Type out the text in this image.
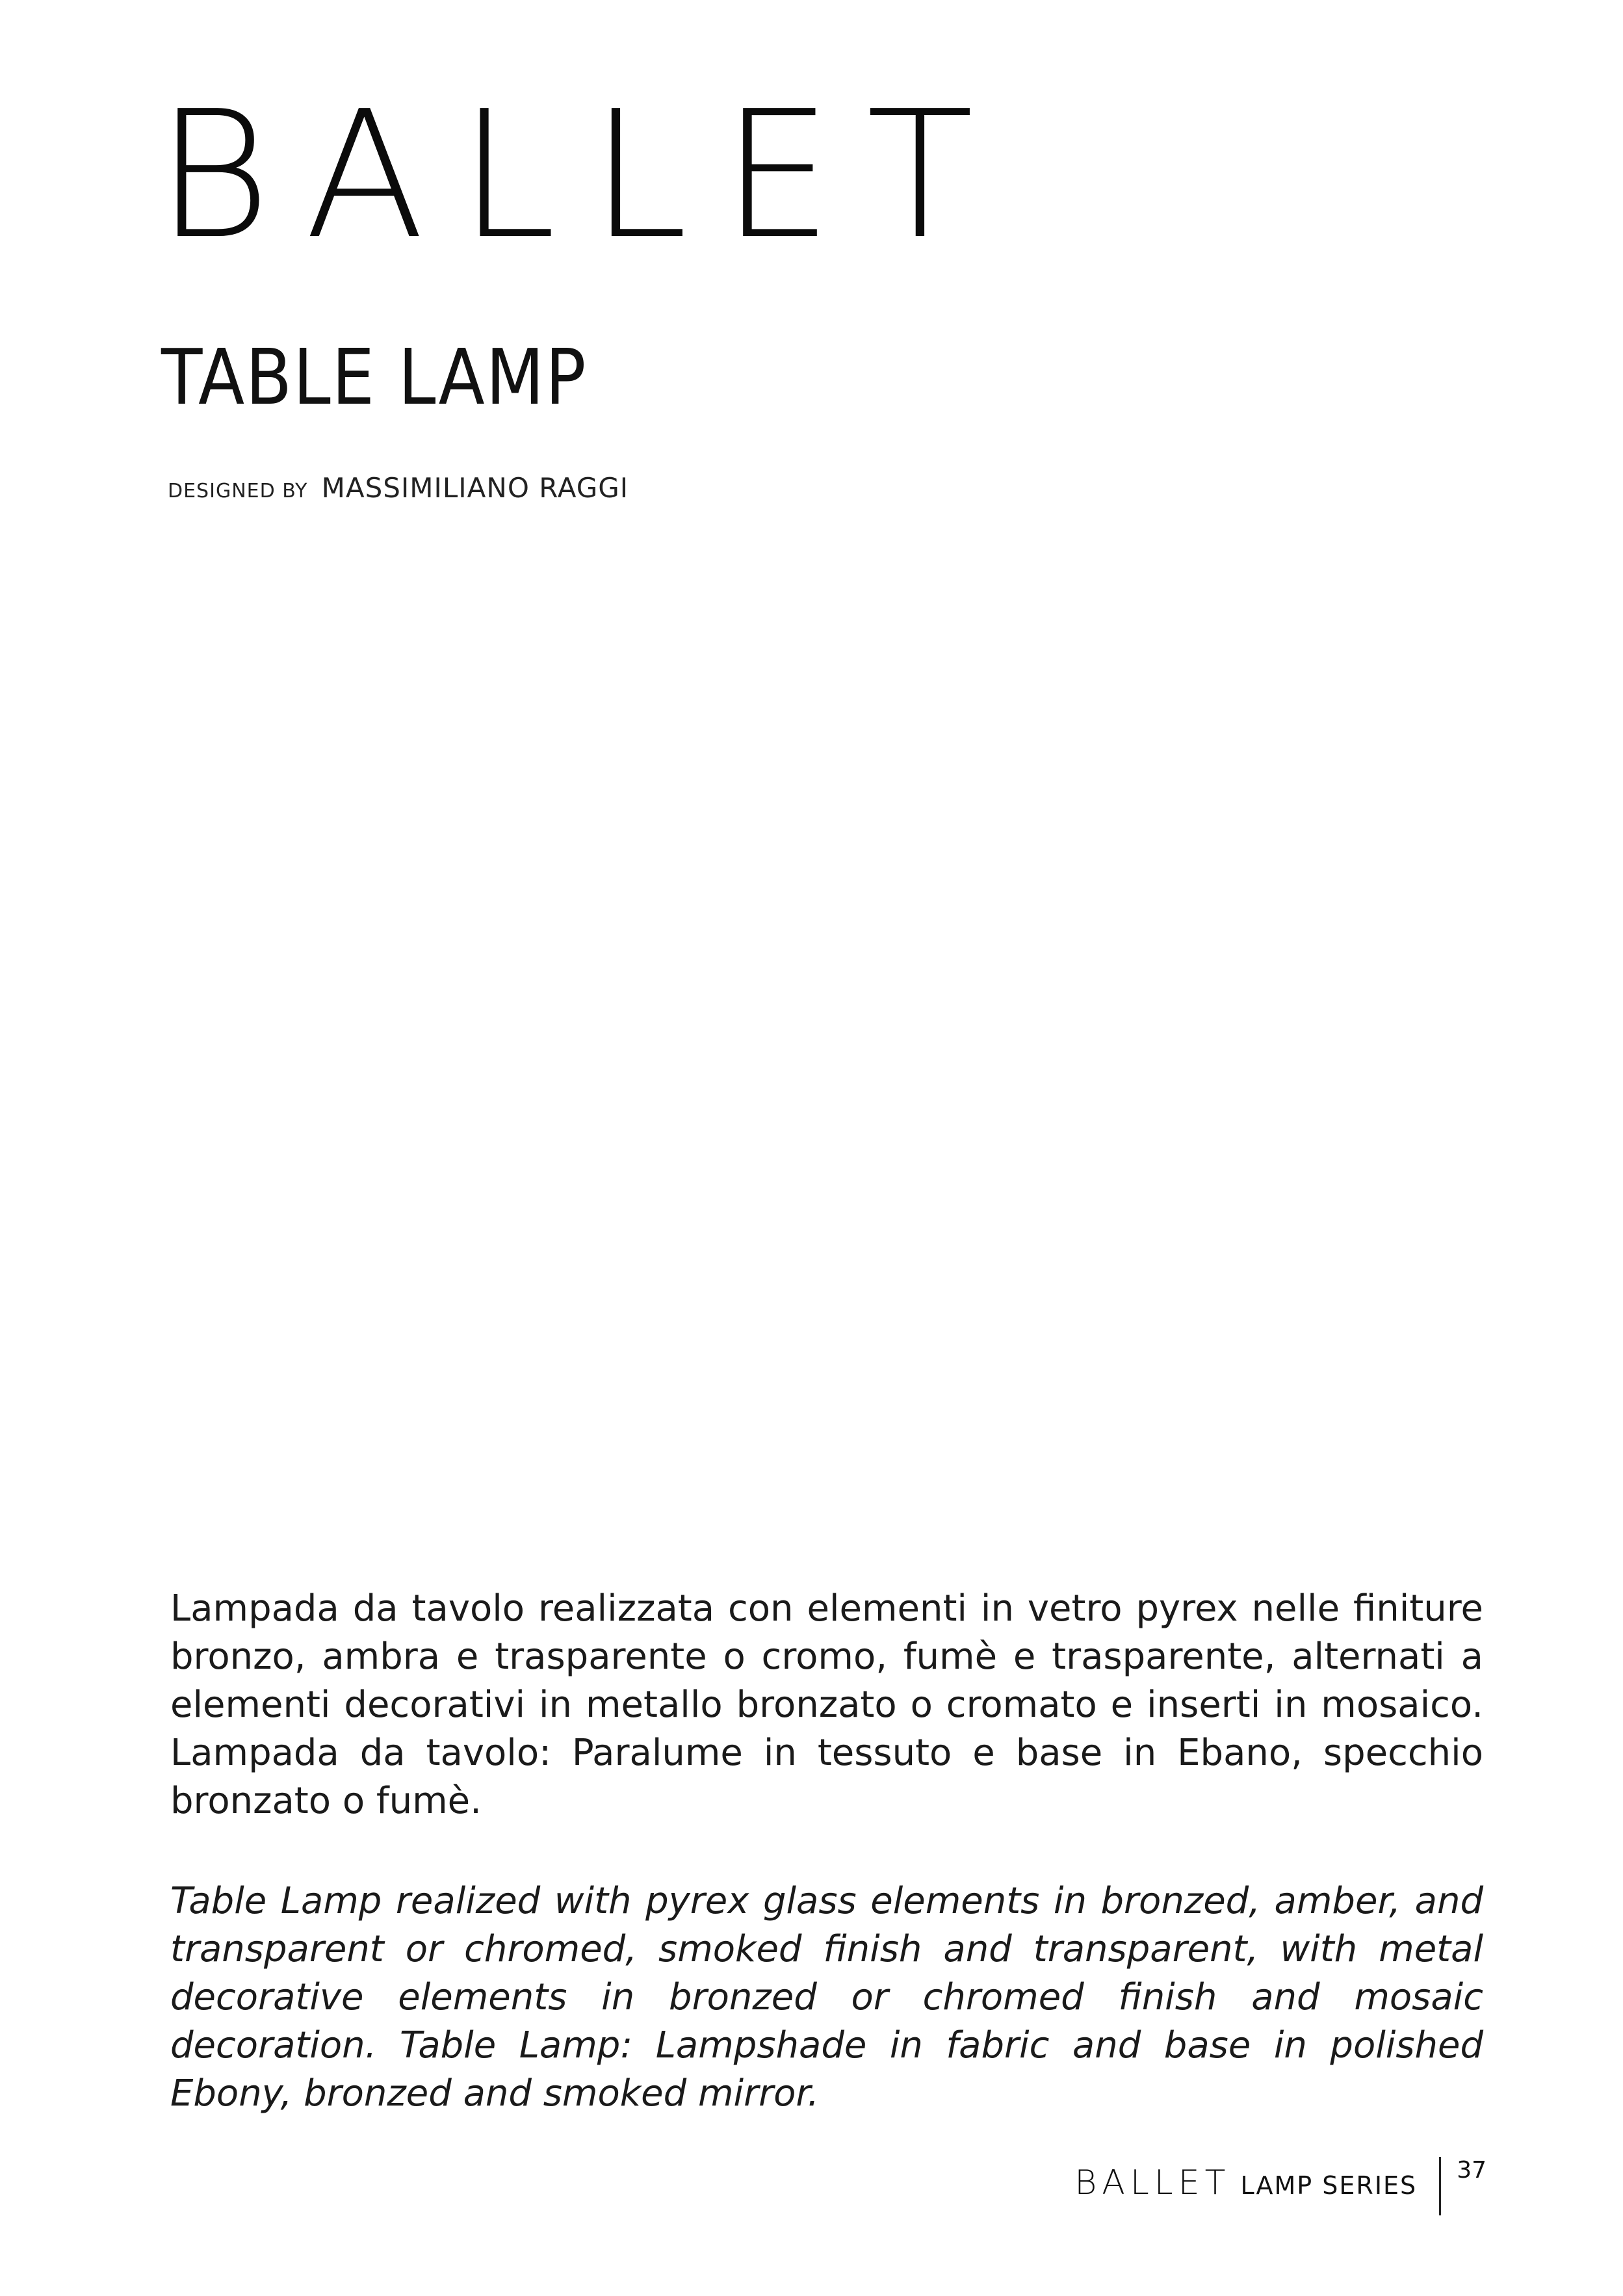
BALLET
TABLE LAMP
DESIGNED BY MASSIMILIANO RAGGI

Lampada da tavolo realizzata con elementi in vetro pyrex nelle finiture bronzo, ambra e trasparente o cromo, fumè e trasparente, alternati a elementi decorativi in metallo bronzato o cromato e inserti in mosaico. Lampada da tavolo: Paralume in tessuto e base in Ebano, specchio bronzato o fumè.

Table Lamp realized with pyrex glass elements in bronzed, amber, and transparent or chromed, smoked finish and transparent, with metal decorative elements in bronzed or chromed finish and mosaic decoration. Table Lamp: Lampshade in fabric and base in polished Ebony, bronzed and smoked mirror.

BALLET LAMP SERIES
37
